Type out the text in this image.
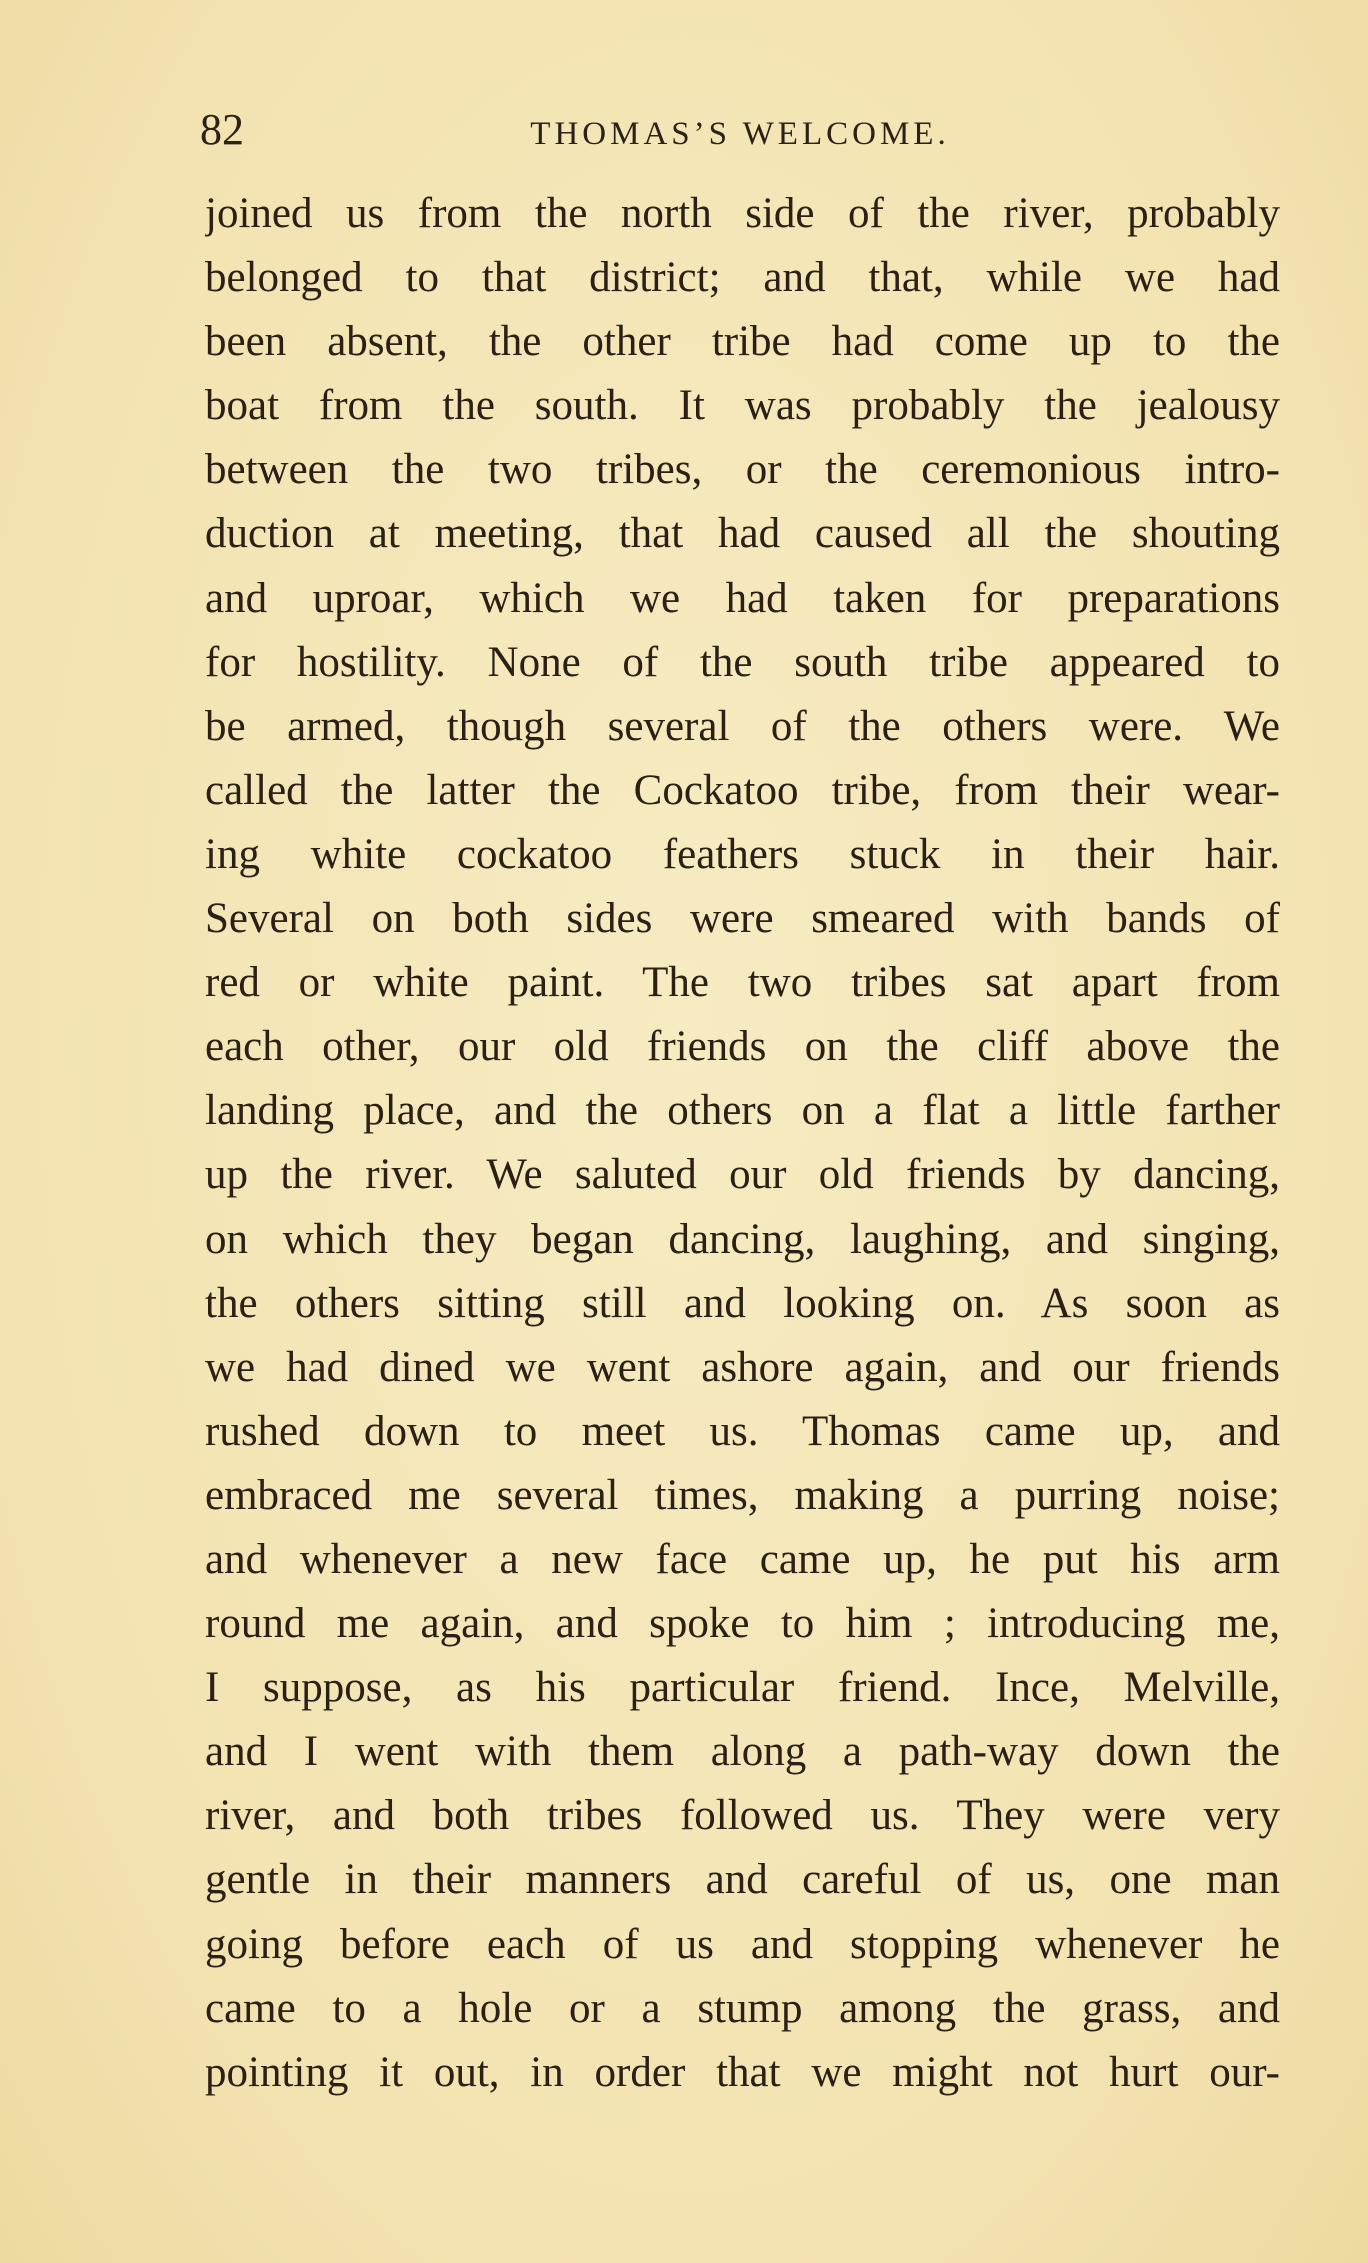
82	THOMAS’S WELCOME.
joined us from the north side of the river, probably
belonged to that district; and that, while we had
been absent, the other tribe had come up to the
boat from the south. It was probably the jealousy
between the two tribes, or the ceremonious intro-
duction at meeting, that had caused all the shouting
and uproar, which we had taken for preparations
for hostility. None of the south tribe appeared to
be armed, though several of the others were. We
called the latter the Cockatoo tribe, from their wear-
ing white cockatoo feathers stuck in their hair.
Several on both sides were smeared with bands of
red or white paint. The two tribes sat apart from
each other, our old friends on the cliff above the
landing place, and the others on a flat a little farther
up the river. We saluted our old friends by dancing,
on which they began dancing, laughing, and singing,
the others sitting still and looking on. As soon as
we had dined we went ashore again, and our friends
rushed down to meet us. Thomas came up, and
embraced me several times, making a purring noise;
and whenever a new face came up, he put his arm
round me again, and spoke to him ; introducing me,
I suppose, as his particular friend. Ince, Melville,
and I went with them along a path-way down the
river, and both tribes followed us. They were very
gentle in their manners and careful of us, one man
going before each of us and stopping whenever he
came to a hole or a stump among the grass, and
pointing it out, in order that we might not hurt our-
